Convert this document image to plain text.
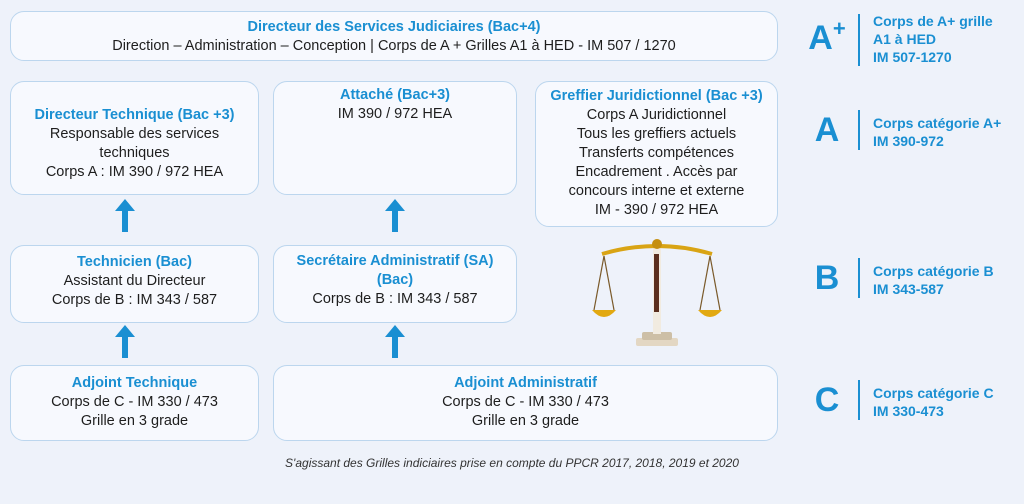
Directeur des Services Judiciaires (Bac+4)
Direction – Administration – Conception | Corps de A + Grilles A1 à HED - IM 507 / 1270
Directeur Technique (Bac +3)
Responsable des services
techniques
Corps A : IM 390 / 972 HEA
Attaché (Bac+3)
IM 390 / 972 HEA
Greffier Juridictionnel (Bac +3)
Corps A Juridictionnel
Tous les greffiers actuels
Transferts compétences
Encadrement . Accès par
concours interne et externe
IM - 390 / 972 HEA
Technicien (Bac)
Assistant du Directeur
Corps de B : IM 343 / 587
Secrétaire Administratif (SA)
(Bac)
Corps de B : IM 343 / 587
Adjoint Technique
Corps de C - IM 330 / 473
Grille en 3 grade
Adjoint Administratif
Corps de C - IM 330 / 473
Grille en 3 grade
A+	Corps de A+ grille
A1 à HED
IM 507-1270
A	Corps catégorie A+
IM 390-972
B	Corps catégorie B
IM 343-587
C	Corps catégorie C
IM 330-473
S'agissant des Grilles indiciaires prise en compte du PPCR 2017, 2018, 2019 et 2020
